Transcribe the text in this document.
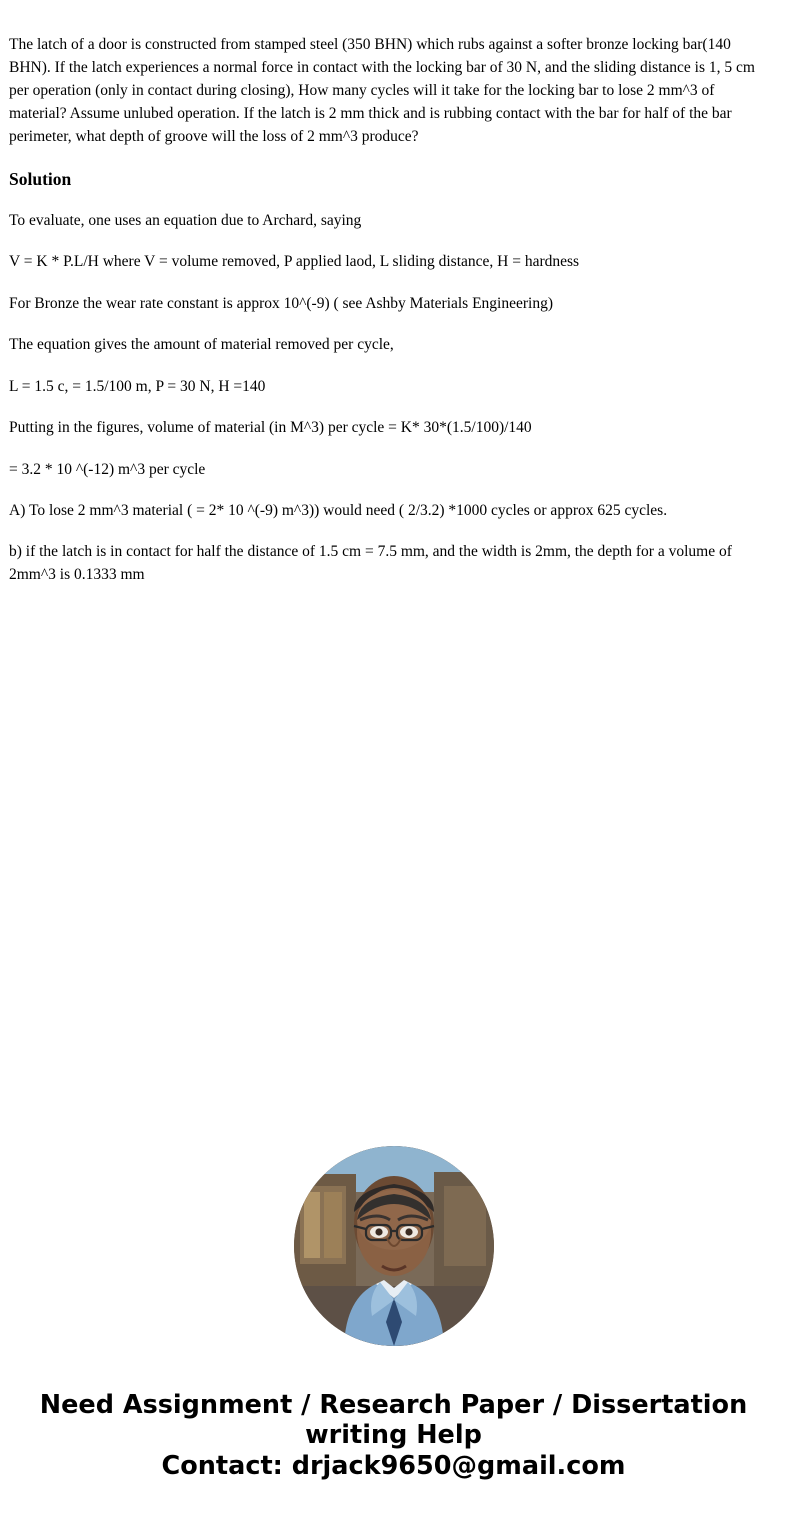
The latch of a door is constructed from stamped steel (350 BHN) which rubs against a softer bronze locking bar(140 BHN). If the latch experiences a normal force in contact with the locking bar of 30 N, and the sliding distance is 1, 5 cm per operation (only in contact during closing), How many cycles will it take for the locking bar to lose 2 mm^3 of material? Assume unlubed operation. If the latch is 2 mm thick and is rubbing contact with the bar for half of the bar perimeter, what depth of groove will the loss of 2 mm^3 produce?

Solution

To evaluate, one uses an equation due to Archard, saying

V = K * P.L/H where V = volume removed, P applied laod, L sliding distance, H = hardness

For Bronze the wear rate constant is approx 10^(-9) ( see Ashby Materials Engineering)

The equation gives the amount of material removed per cycle,

L = 1.5 c, = 1.5/100 m, P = 30 N, H =140

Putting in the figures, volume of material (in M^3) per cycle = K* 30*(1.5/100)/140

= 3.2 * 10 ^(-12) m^3 per cycle

A) To lose 2 mm^3 material ( = 2* 10 ^(-9) m^3)) would need ( 2/3.2) *1000 cycles or approx 625 cycles.

b) if the latch is in contact for half the distance of 1.5 cm = 7.5 mm, and the width is 2mm, the depth for a volume of 2mm^3 is 0.1333 mm

Need Assignment / Research Paper / Dissertation writing Help
Contact: drjack9650@gmail.com
